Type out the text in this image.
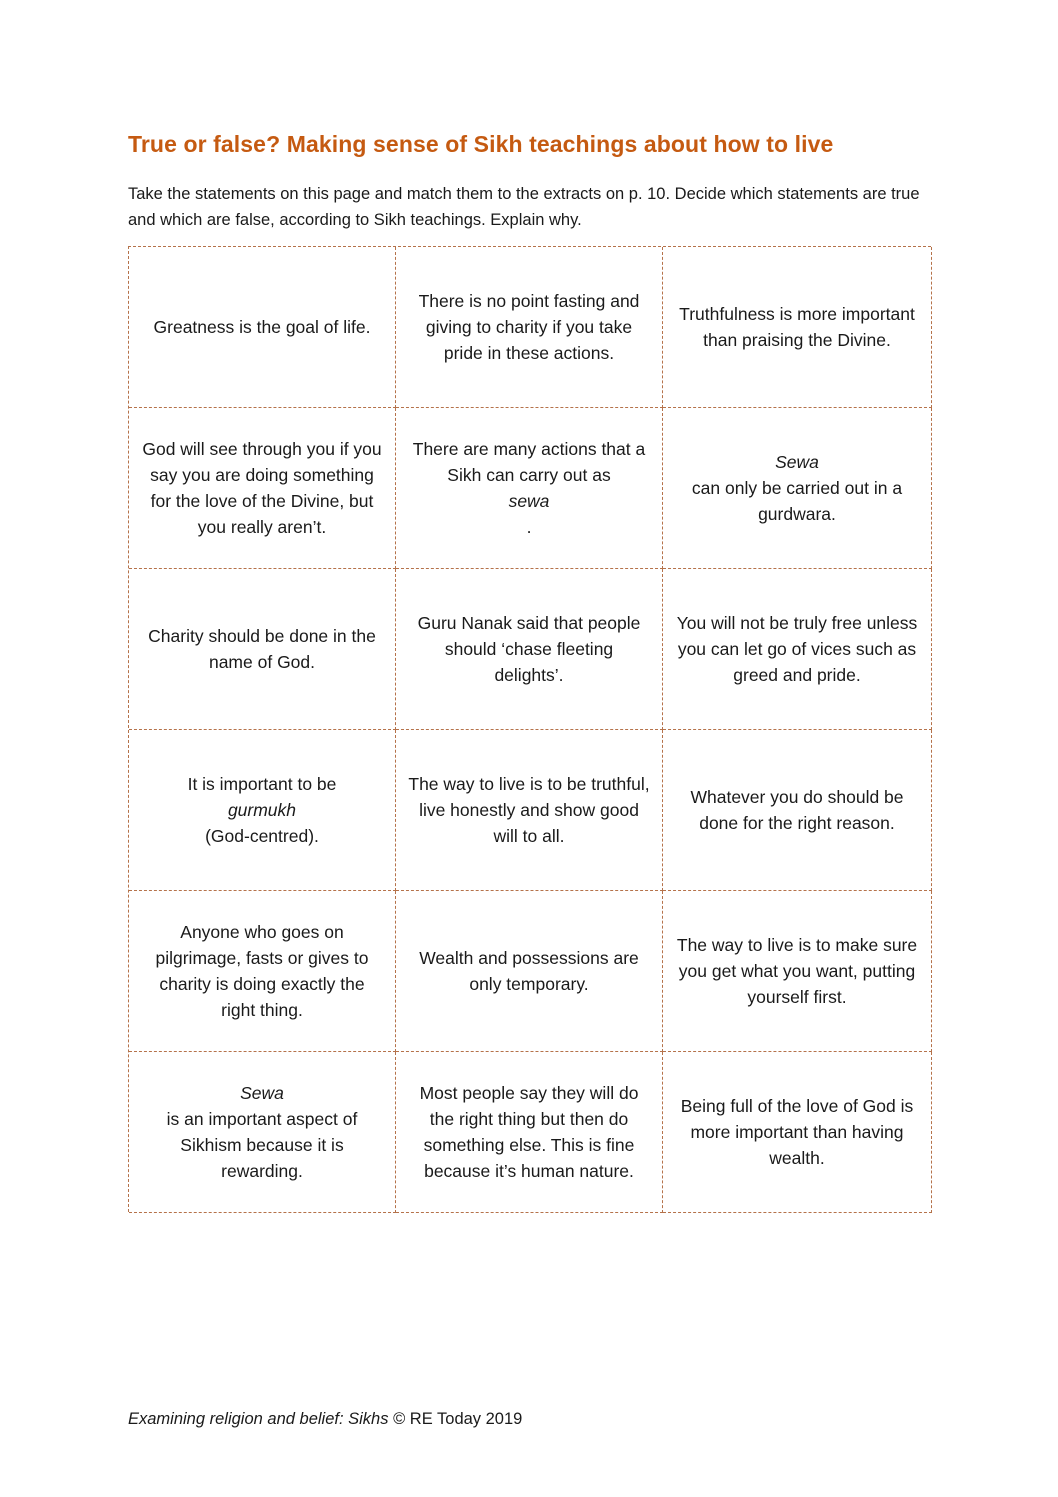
True or false? Making sense of Sikh teachings about how to live

Take the statements on this page and match them to the extracts on p. 10. Decide which statements are true and which are false, according to Sikh teachings. Explain why.

Greatness is the goal of life.
There is no point fasting and giving to charity if you take pride in these actions.
Truthfulness is more important than praising the Divine.
God will see through you if you say you are doing something for the love of the Divine, but you really aren’t.
There are many actions that a Sikh can carry out as
sewa
.
Sewa
can only be carried out in a gurdwara.
Charity should be done in the name of God.
Guru Nanak said that people should ‘chase fleeting delights’.
You will not be truly free unless you can let go of vices such as greed and pride.
It is important to be
gurmukh
(God-centred).
The way to live is to be truthful, live honestly and show good will to all.
Whatever you do should be done for the right reason.
Anyone who goes on pilgrimage, fasts or gives to charity is doing exactly the right thing.
Wealth and possessions are only temporary.
The way to live is to make sure you get what you want, putting yourself first.
Sewa
is an important aspect of Sikhism because it is rewarding.
Most people say they will do the right thing but then do something else. This is fine because it’s human nature.
Being full of the love of God is more important than having wealth.

Examining religion and belief: Sikhs © RE Today 2019
